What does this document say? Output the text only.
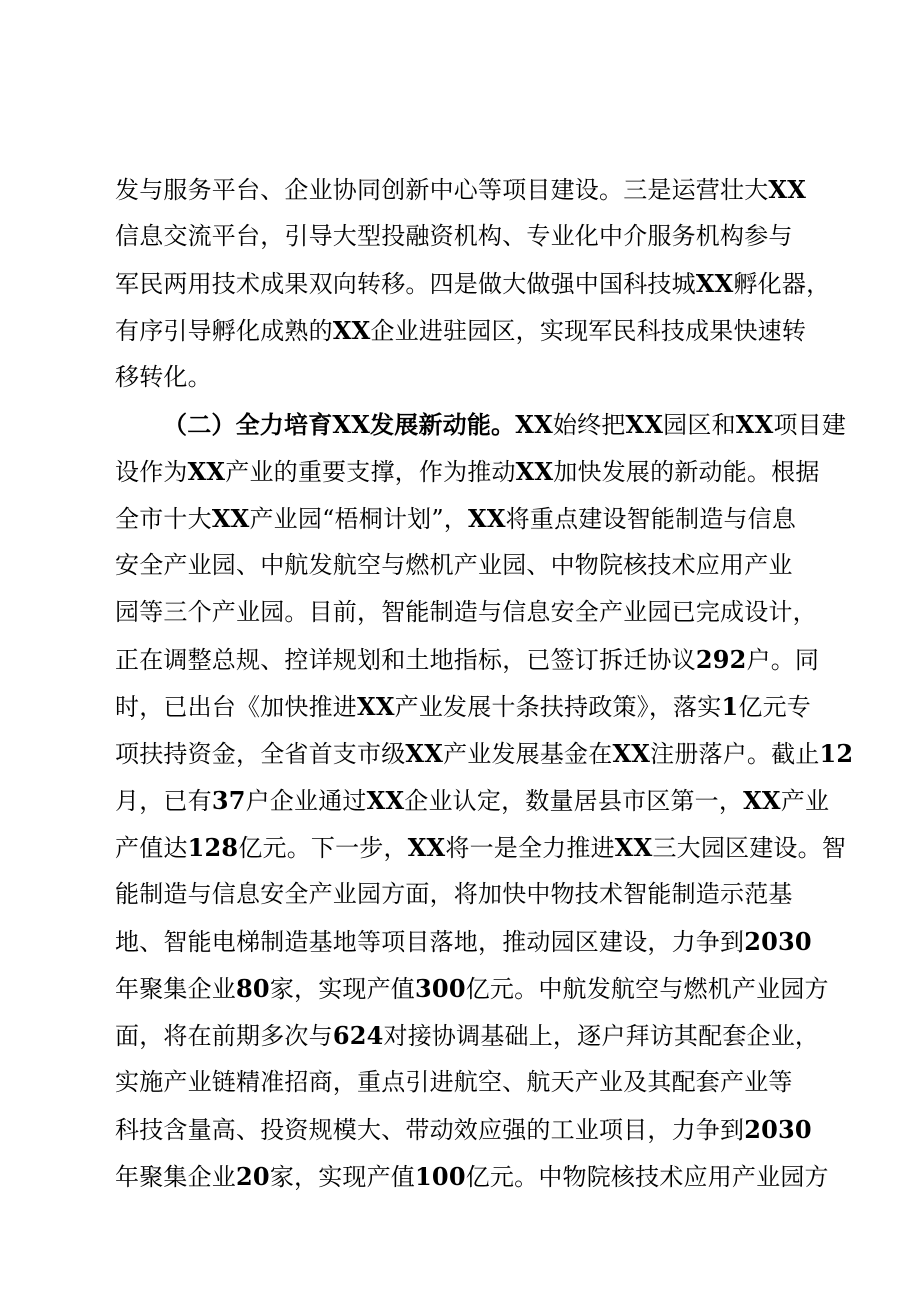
发与服务平台、企业协同创新中心等项目建设。三是运营壮大XX
信息交流平台，引导大型投融资机构、专业化中介服务机构参与
军民两用技术成果双向转移。四是做大做强中国科技城XX孵化器，
有序引导孵化成熟的XX企业进驻园区，实现军民科技成果快速转
移转化。
（二）全力培育XX发展新动能。XX始终把XX园区和XX项目建
设作为XX产业的重要支撑，作为推动XX加快发展的新动能。根据
全市十大XX产业园“梧桐计划”，XX将重点建设智能制造与信息
安全产业园、中航发航空与燃机产业园、中物院核技术应用产业
园等三个产业园。目前，智能制造与信息安全产业园已完成设计，
正在调整总规、控详规划和土地指标，已签订拆迁协议292户。同
时，已出台《加快推进XX产业发展十条扶持政策》，落实1亿元专
项扶持资金，全省首支市级XX产业发展基金在XX注册落户。截止12
月，已有37户企业通过XX企业认定，数量居县市区第一，XX产业
产值达128亿元。下一步，XX将一是全力推进XX三大园区建设。智
能制造与信息安全产业园方面，将加快中物技术智能制造示范基
地、智能电梯制造基地等项目落地，推动园区建设，力争到2030
年聚集企业80家，实现产值300亿元。中航发航空与燃机产业园方
面，将在前期多次与624对接协调基础上，逐户拜访其配套企业，
实施产业链精准招商，重点引进航空、航天产业及其配套产业等
科技含量高、投资规模大、带动效应强的工业项目，力争到2030
年聚集企业20家，实现产值100亿元。中物院核技术应用产业园方
